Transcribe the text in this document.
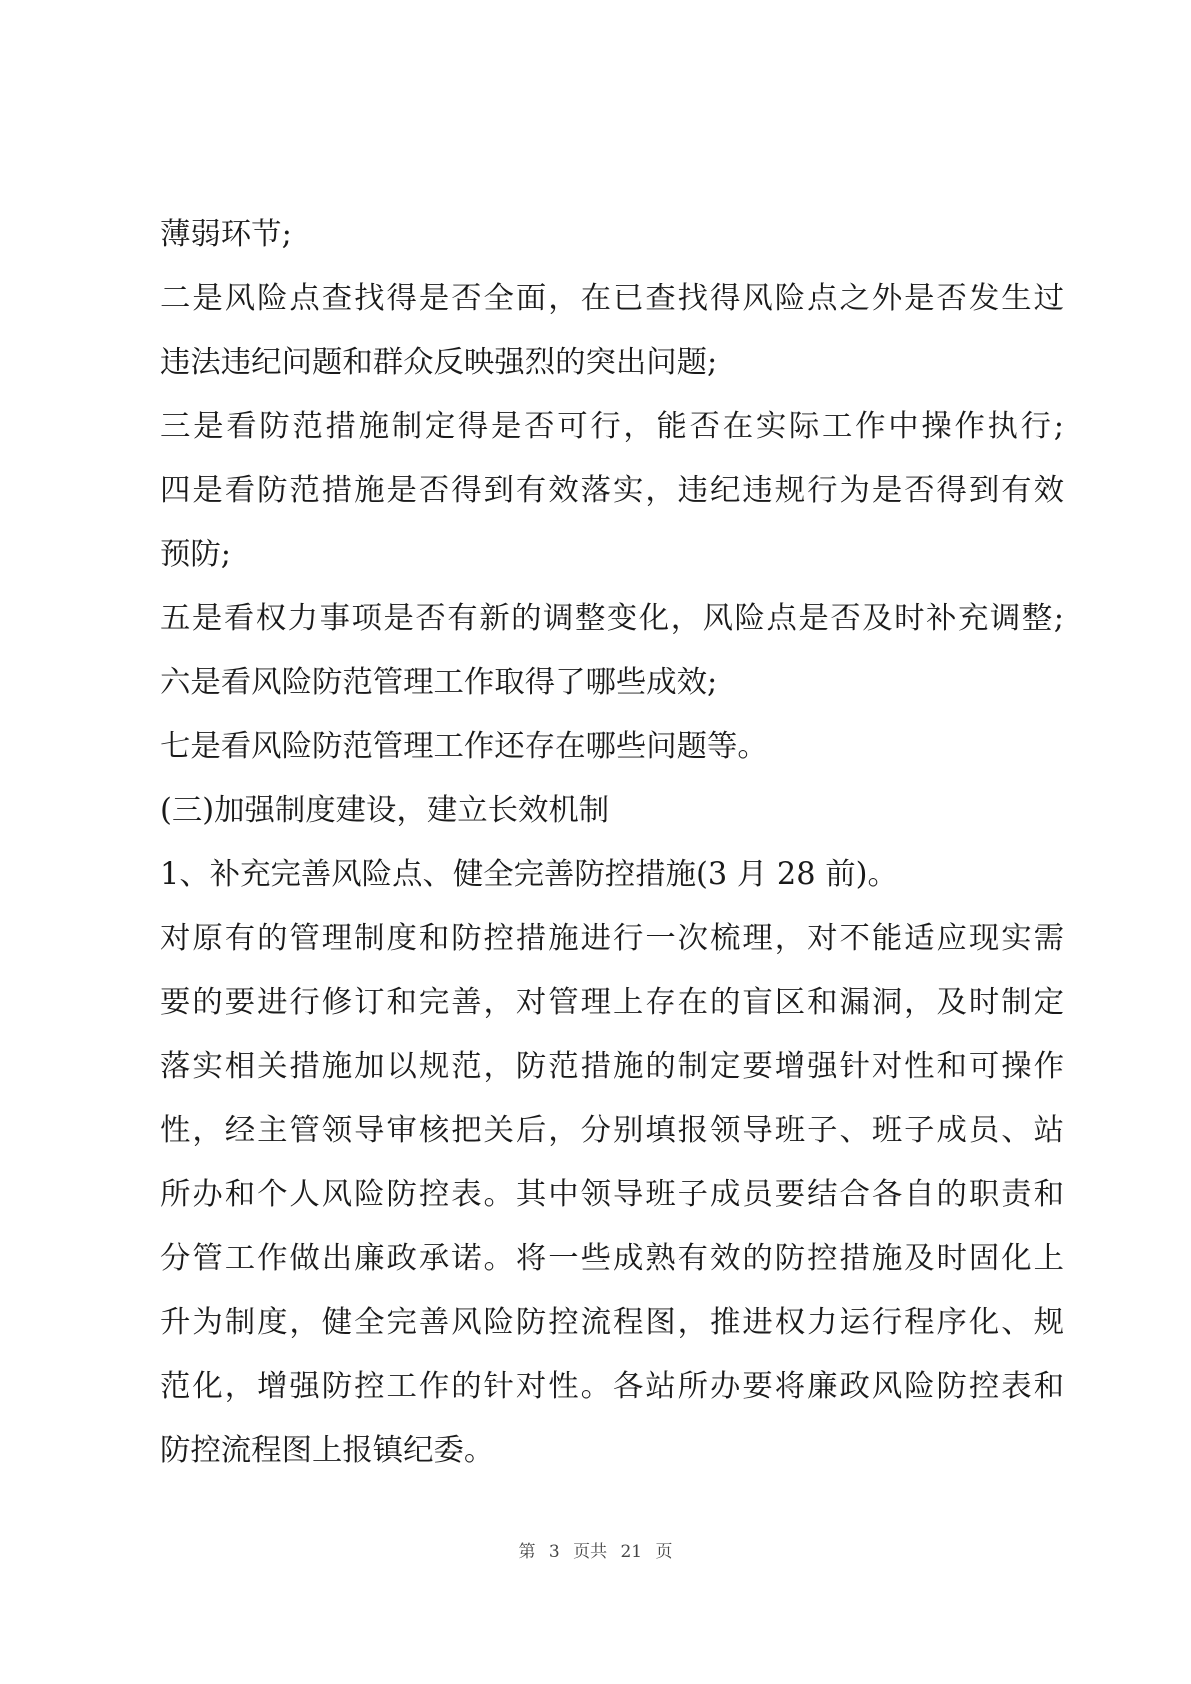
薄弱环节;
二是风险点查找得是否全面，在已查找得风险点之外是否发生过
违法违纪问题和群众反映强烈的突出问题;
三是看防范措施制定得是否可行，能否在实际工作中操作执行;
四是看防范措施是否得到有效落实，违纪违规行为是否得到有效
预防;
五是看权力事项是否有新的调整变化，风险点是否及时补充调整;
六是看风险防范管理工作取得了哪些成效;
七是看风险防范管理工作还存在哪些问题等。
(三)加强制度建设，建立长效机制
1、补充完善风险点、健全完善防控措施(3 月 28 前)。
对原有的管理制度和防控措施进行一次梳理，对不能适应现实需
要的要进行修订和完善，对管理上存在的盲区和漏洞，及时制定
落实相关措施加以规范，防范措施的制定要增强针对性和可操作
性，经主管领导审核把关后，分别填报领导班子、班子成员、站
所办和个人风险防控表。其中领导班子成员要结合各自的职责和
分管工作做出廉政承诺。将一些成熟有效的防控措施及时固化上
升为制度，健全完善风险防控流程图，推进权力运行程序化、规
范化，增强防控工作的针对性。各站所办要将廉政风险防控表和
防控流程图上报镇纪委。
第 3 页共 21 页
